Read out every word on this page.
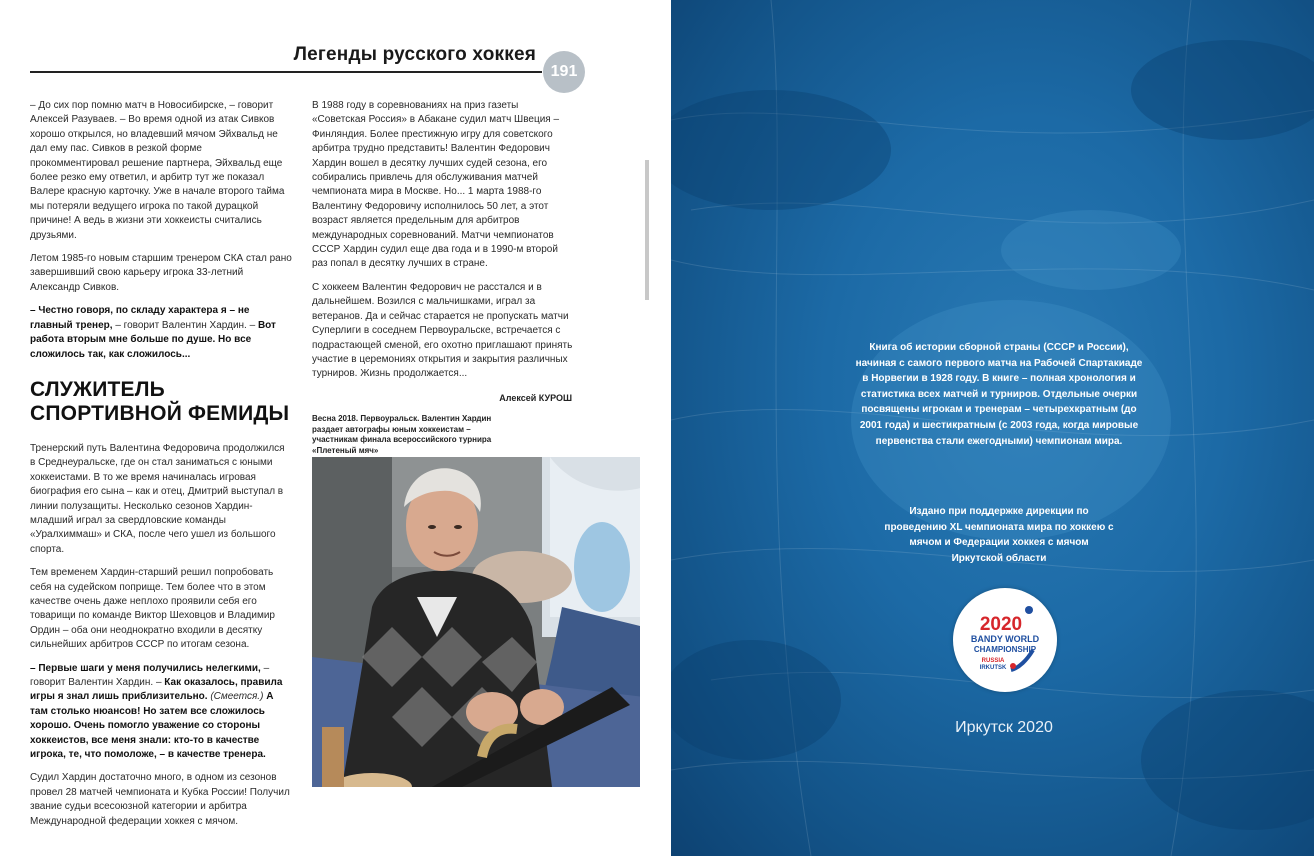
Легенды русского хоккея
191

– До сих пор помню матч в Новосибирске, – говорит Алексей Разуваев. – Во время одной из атак Сивков хорошо открылся, но владевший мячом Эйхвальд не дал ему пас. Сивков в резкой форме прокомментировал решение партнера, Эйхвальд еще более резко ему ответил, и арбитр тут же показал Валере красную карточку. Уже в начале второго тайма мы потеряли ведущего игрока по такой дурацкой причине! А ведь в жизни эти хоккеисты считались друзьями.

Летом 1985-го новым старшим тренером СКА стал рано завершивший свою карьеру игрока 33-летний Александр Сивков.

– Честно говоря, по складу характера я – не главный тренер, – говорит Валентин Хардин. – Вот работа вторым мне больше по душе. Но все сложилось так, как сложилось...

СЛУЖИТЕЛЬ СПОРТИВНОЙ ФЕМИДЫ

Тренерский путь Валентина Федоровича продолжился в Среднеуральске, где он стал заниматься с юными хоккеистами. В то же время начиналась игровая биография его сына – как и отец, Дмитрий выступал в линии полузащиты. Несколько сезонов Хардин-младший играл за свердловские команды «Уралхиммаш» и СКА, после чего ушел из большого спорта.

Тем временем Хардин-старший решил попробовать себя на судейском поприще. Тем более что в этом качестве очень даже неплохо проявили себя его товарищи по команде Виктор Шеховцов и Владимир Ордин – оба они неоднократно входили в десятку сильнейших арбитров СССР по итогам сезона.

– Первые шаги у меня получились нелегкими, – говорит Валентин Хардин. – Как оказалось, правила игры я знал лишь приблизительно. (Смеется.) А там столько нюансов! Но затем все сложилось хорошо. Очень помогло уважение со стороны хоккеистов, все меня знали: кто-то в качестве игрока, те, что помоложе, – в качестве тренера.

Судил Хардин достаточно много, в одном из сезонов провел 28 матчей чемпионата и Кубка России! Получил звание судьи всесоюзной категории и арбитра Международной федерации хоккея с мячом.

В 1988 году в соревнованиях на приз газеты «Советская Россия» в Абакане судил матч Швеция – Финляндия. Более престижную игру для советского арбитра трудно представить! Валентин Федорович Хардин вошел в десятку лучших судей сезона, его собирались привлечь для обслуживания матчей чемпионата мира в Москве. Но... 1 марта 1988-го Валентину Федоровичу исполнилось 50 лет, а этот возраст является предельным для арбитров международных соревнований. Матчи чемпионатов СССР Хардин судил еще два года и в 1990-м второй раз попал в десятку лучших в стране.

С хоккеем Валентин Федорович не расстался и в дальнейшем. Возился с мальчишками, играл за ветеранов. Да и сейчас старается не пропускать матчи Суперлиги в соседнем Первоуральске, встречается с подрастающей сменой, его охотно приглашают принять участие в церемониях открытия и закрытия различных турниров. Жизнь продолжается...

Алексей КУРОШ
Весна 2018. Первоуральск. Валентин Хардин раздает автографы юным хоккеистам – участникам финала всероссийского турнира «Плетеный мяч»
Книга об истории сборной страны (СССР и России), начиная с самого первого матча на Рабочей Спартакиаде в Норвегии в 1928 году. В книге – полная хронология и статистика всех матчей и турниров. Отдельные очерки посвящены игрокам и тренерам – четырехкратным (до 2001 года) и шестикратным (с 2003 года, когда мировые первенства стали ежегодными) чемпионам мира.
Издано при поддержке дирекции по проведению XL чемпионата мира по хоккею с мячом и Федерации хоккея с мячом Иркутской области
2020
BANDY WORLD
CHAMPIONSHIP
RUSSIA
IRKUTSK
Иркутск 2020
